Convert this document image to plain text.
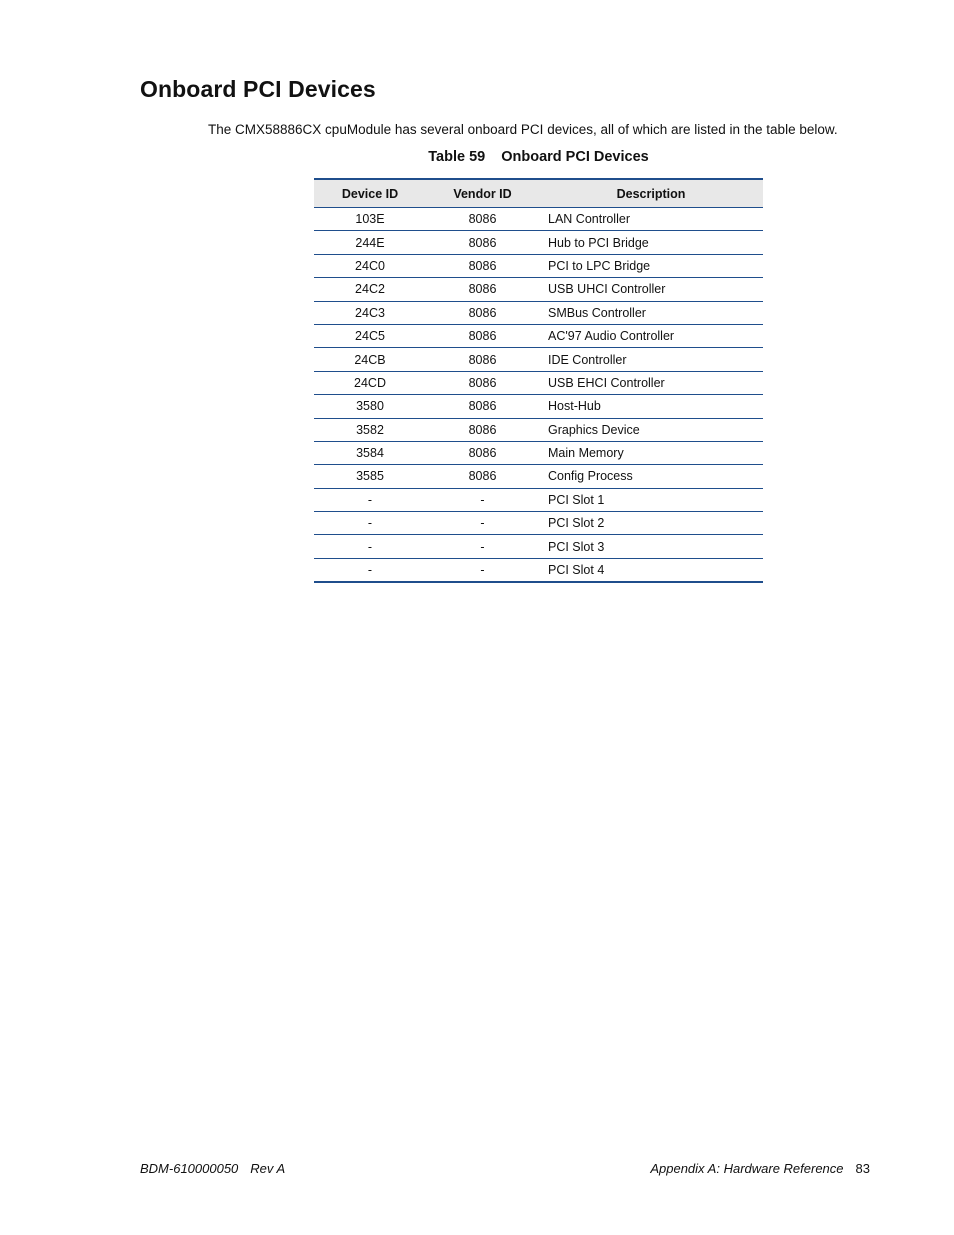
Onboard PCI Devices

The CMX58886CX cpuModule has several onboard PCI devices, all of which are listed in the table below.

Table 59 Onboard PCI Devices

Device ID	Vendor ID	Description
103E	8086	LAN Controller
244E	8086	Hub to PCI Bridge
24C0	8086	PCI to LPC Bridge
24C2	8086	USB UHCI Controller
24C3	8086	SMBus Controller
24C5	8086	AC'97 Audio Controller
24CB	8086	IDE Controller
24CD	8086	USB EHCI Controller
3580	8086	Host-Hub
3582	8086	Graphics Device
3584	8086	Main Memory
3585	8086	Config Process
-	-	PCI Slot 1
-	-	PCI Slot 2
-	-	PCI Slot 3
-	-	PCI Slot 4
BDM-610000050 Rev A	Appendix A: Hardware Reference 83
